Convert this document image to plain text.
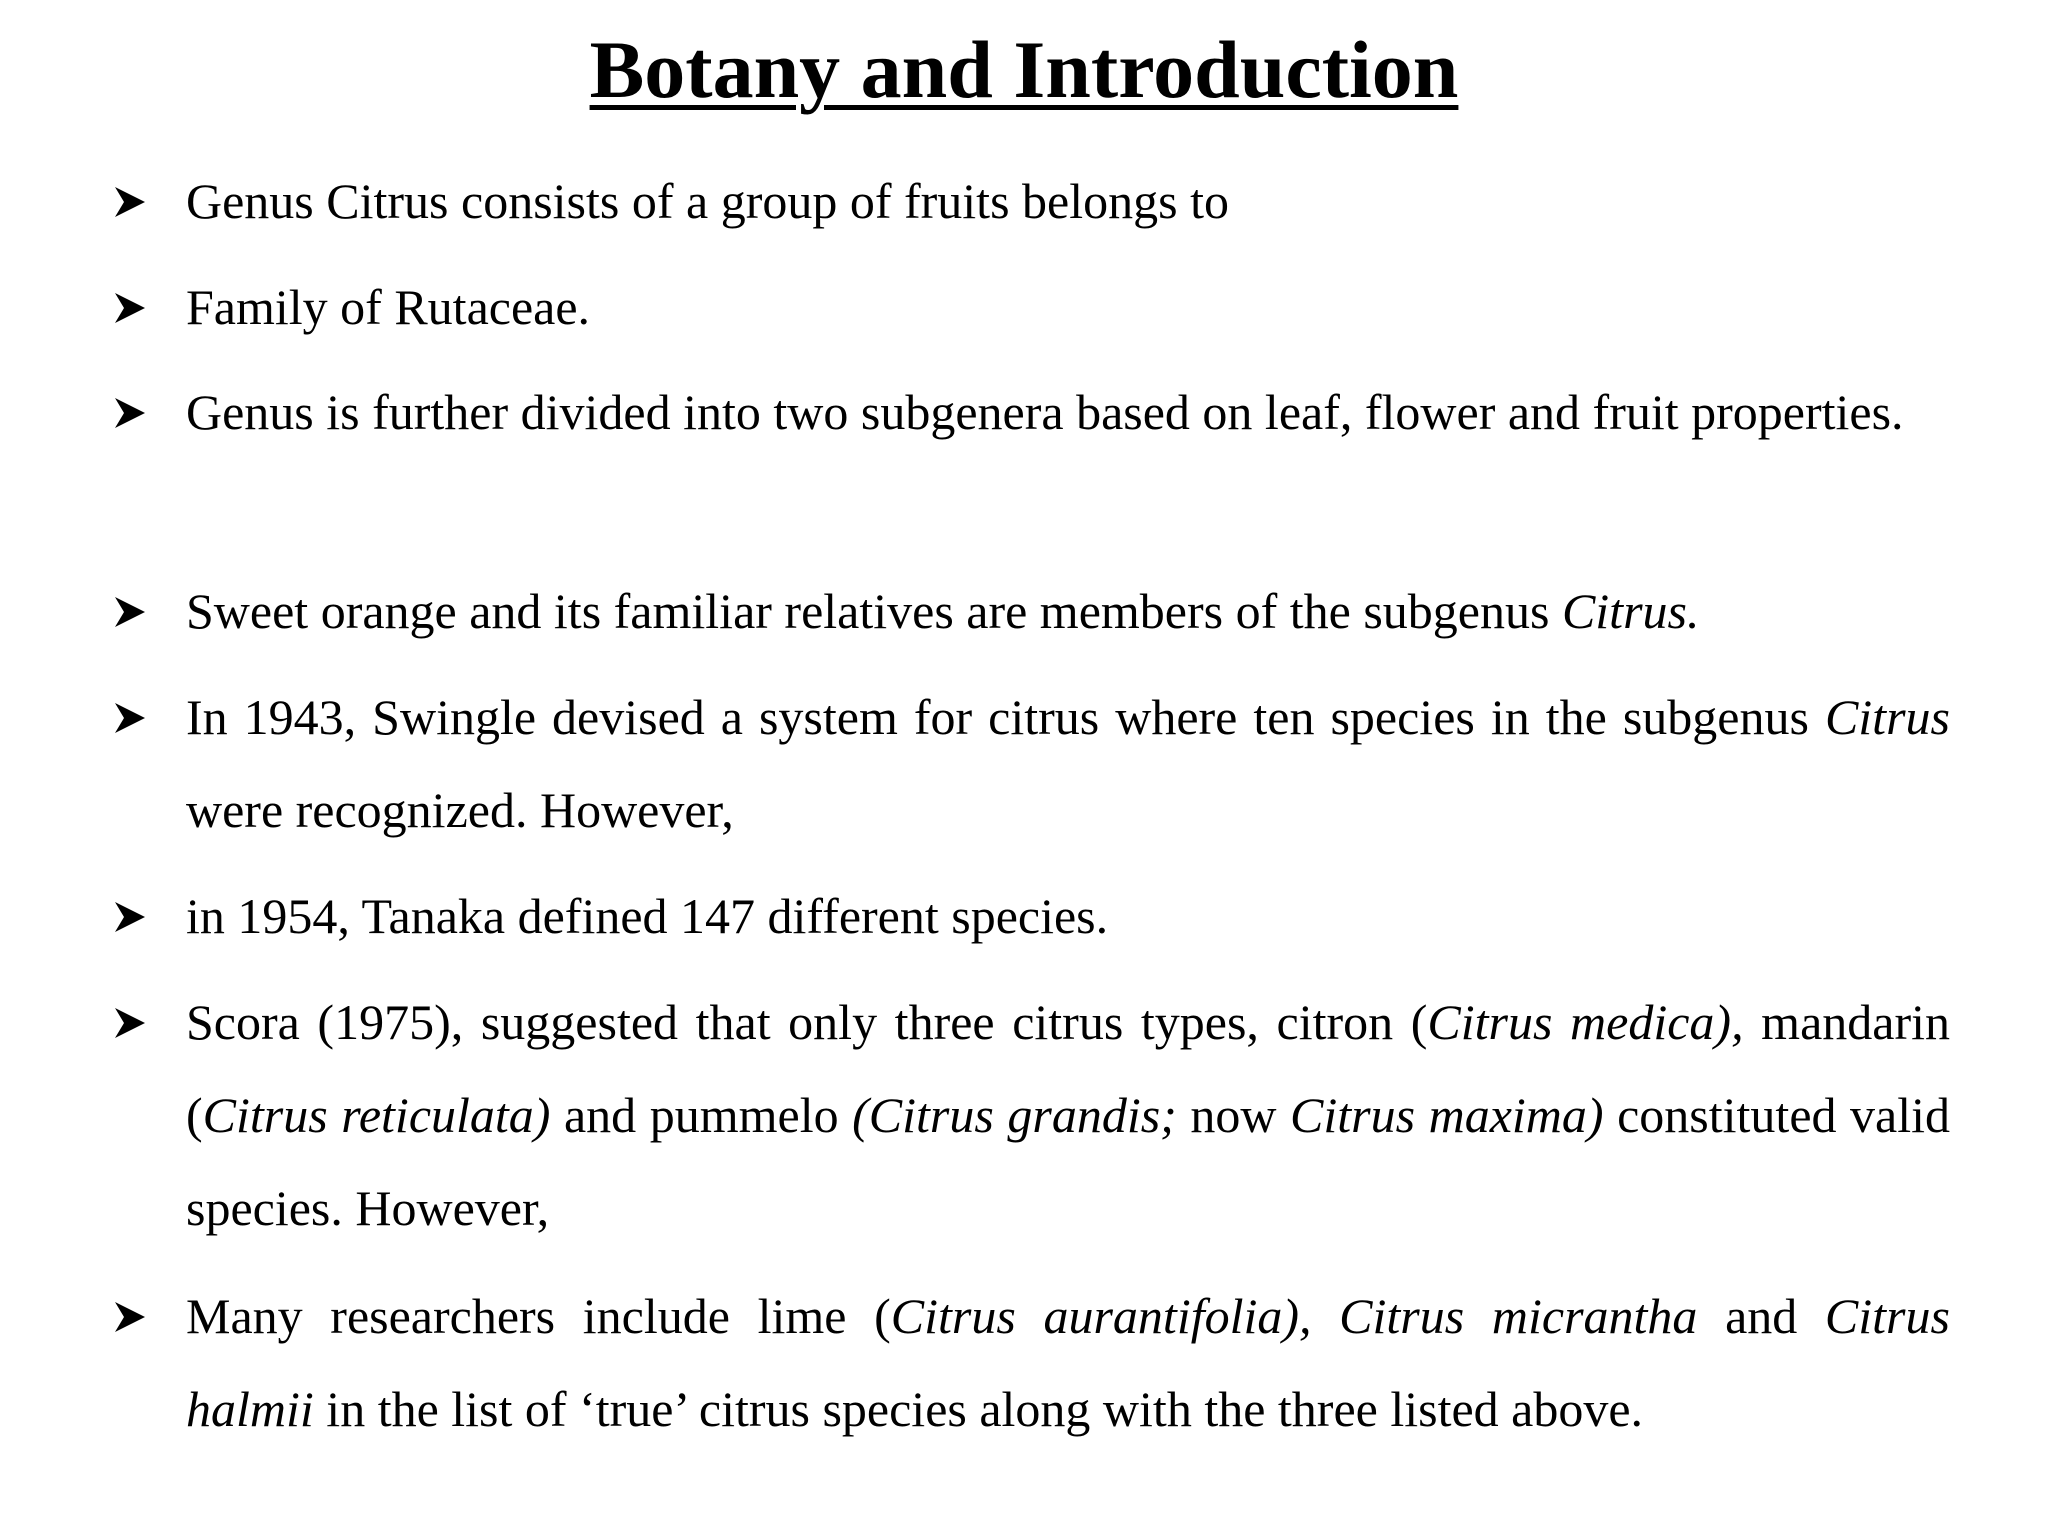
Botany and Introduction
Genus Citrus consists of a group of fruits belongs to
Family of Rutaceae.
Genus is further divided into two subgenera based on leaf, flower and fruit properties.
Sweet orange and its familiar relatives are members of the subgenus Citrus.
In 1943, Swingle devised a system for citrus where ten species in the subgenus Citrus were recognized. However,
in 1954, Tanaka defined 147 different species.
Scora (1975), suggested that only three citrus types, citron (Citrus medica), mandarin (Citrus reticulata) and pummelo (Citrus grandis; now Citrus maxima) constituted valid species. However,
Many researchers include lime (Citrus aurantifolia), Citrus micrantha and Citrus halmii in the list of ‘true’ citrus species along with the three listed above.
